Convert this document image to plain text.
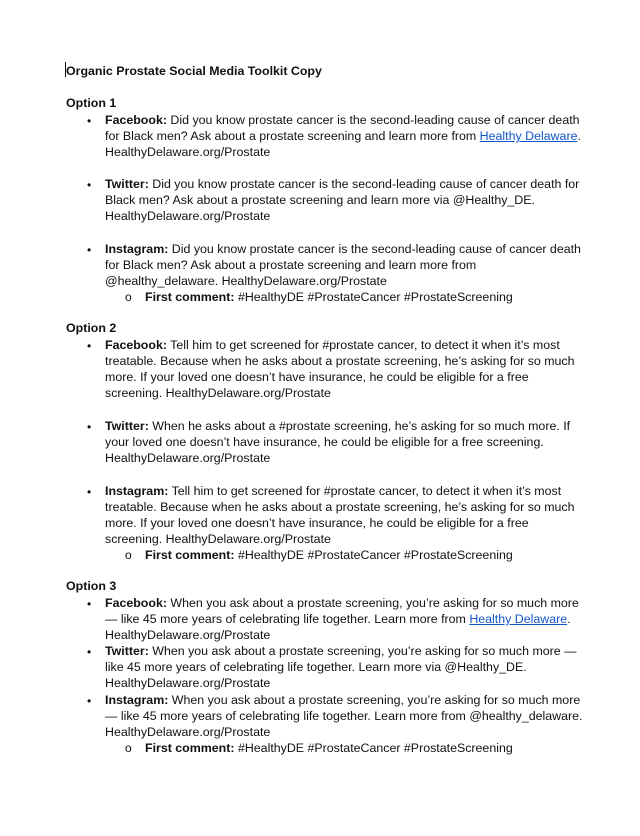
Organic Prostate Social Media Toolkit Copy
Option 1
• Facebook: Did you know prostate cancer is the second-leading cause of cancer death for Black men? Ask about a prostate screening and learn more from Healthy Delaware. HealthyDelaware.org/Prostate
• Twitter: Did you know prostate cancer is the second-leading cause of cancer death for Black men? Ask about a prostate screening and learn more via @Healthy_DE. HealthyDelaware.org/Prostate
• Instagram: Did you know prostate cancer is the second-leading cause of cancer death for Black men? Ask about a prostate screening and learn more from @healthy_delaware. HealthyDelaware.org/Prostate
o First comment: #HealthyDE #ProstateCancer #ProstateScreening
Option 2
• Facebook: Tell him to get screened for #prostate cancer, to detect it when it’s most treatable. Because when he asks about a prostate screening, he’s asking for so much more. If your loved one doesn’t have insurance, he could be eligible for a free screening. HealthyDelaware.org/Prostate
• Twitter: When he asks about a #prostate screening, he’s asking for so much more. If your loved one doesn’t have insurance, he could be eligible for a free screening. HealthyDelaware.org/Prostate
• Instagram: Tell him to get screened for #prostate cancer, to detect it when it’s most treatable. Because when he asks about a prostate screening, he’s asking for so much more. If your loved one doesn’t have insurance, he could be eligible for a free screening. HealthyDelaware.org/Prostate
o First comment: #HealthyDE #ProstateCancer #ProstateScreening
Option 3
• Facebook: When you ask about a prostate screening, you’re asking for so much more — like 45 more years of celebrating life together. Learn more from Healthy Delaware. HealthyDelaware.org/Prostate
• Twitter: When you ask about a prostate screening, you’re asking for so much more — like 45 more years of celebrating life together. Learn more via @Healthy_DE. HealthyDelaware.org/Prostate
• Instagram: When you ask about a prostate screening, you’re asking for so much more — like 45 more years of celebrating life together. Learn more from @healthy_delaware. HealthyDelaware.org/Prostate
o First comment: #HealthyDE #ProstateCancer #ProstateScreening
